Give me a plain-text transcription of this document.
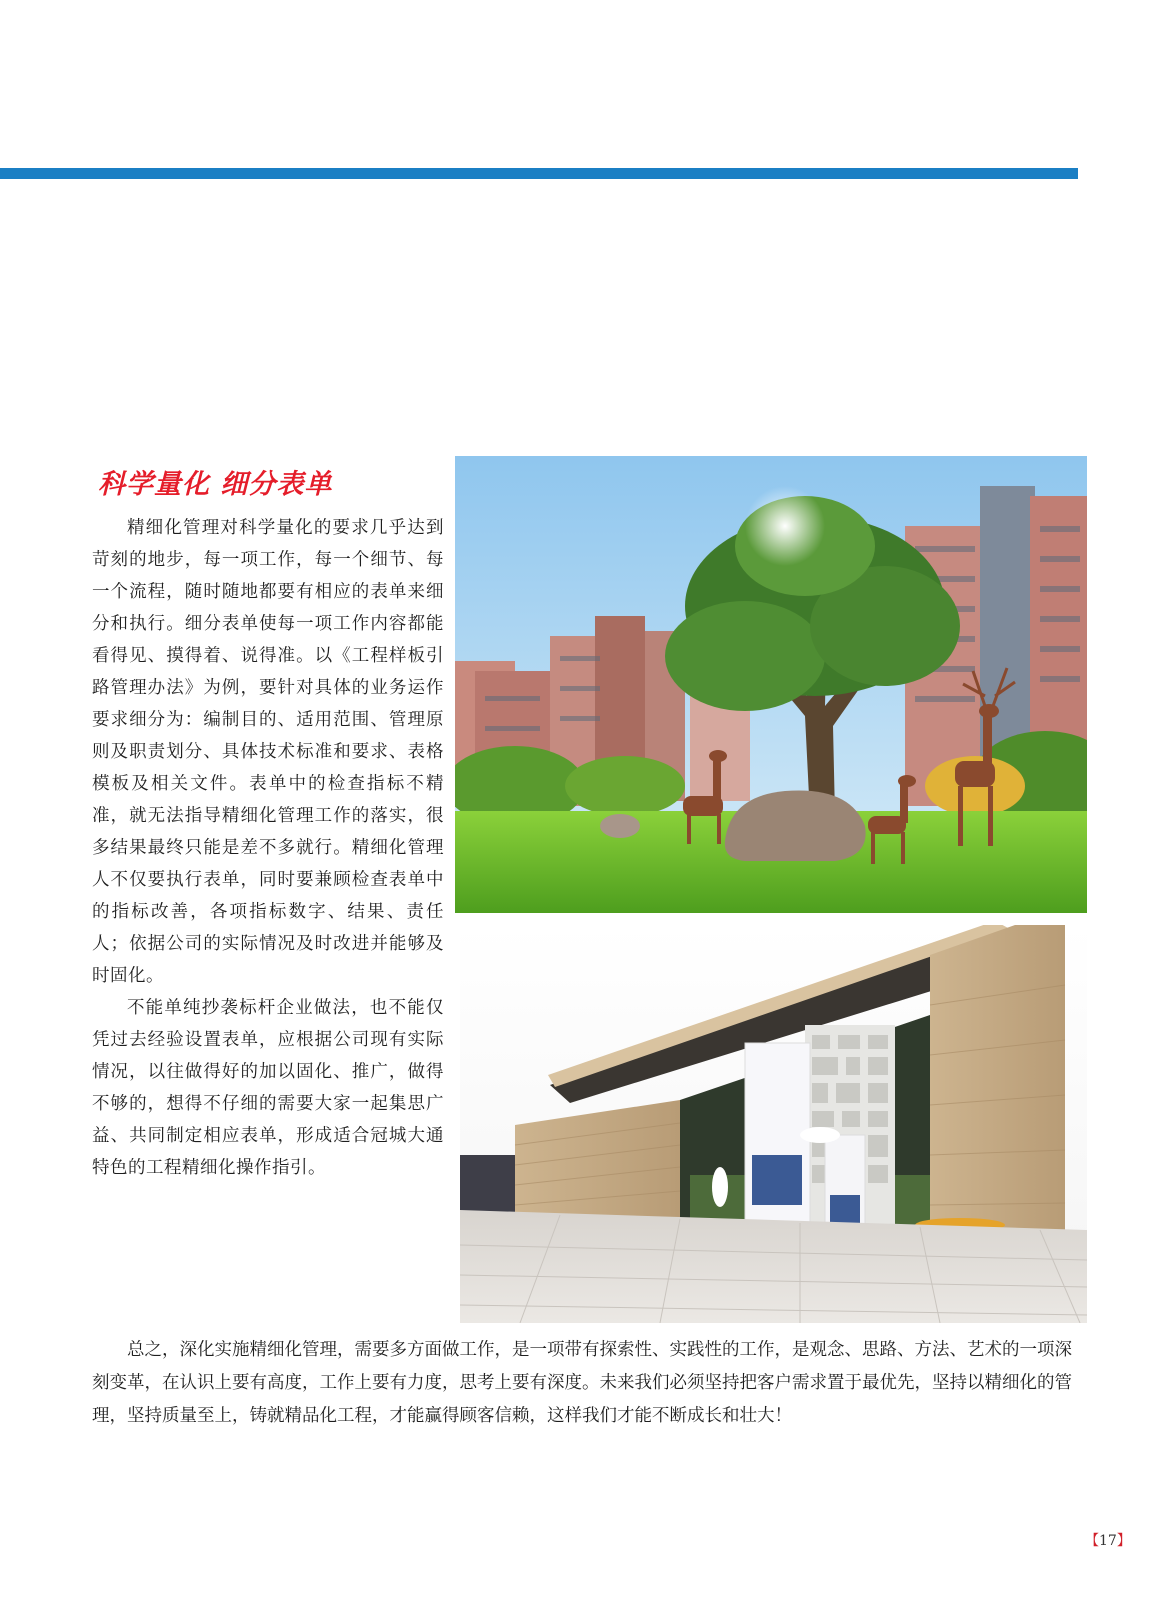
科学量化 细分表单

精细化管理对科学量化的要求几乎达到苛刻的地步，每一项工作，每一个细节、每一个流程，随时随地都要有相应的表单来细分和执行。细分表单使每一项工作内容都能看得见、摸得着、说得准。以《工程样板引路管理办法》为例，要针对具体的业务运作要求细分为：编制目的、适用范围、管理原则及职责划分、具体技术标准和要求、表格模板及相关文件。表单中的检查指标不精准，就无法指导精细化管理工作的落实，很多结果最终只能是差不多就行。精细化管理人不仅要执行表单，同时要兼顾检查表单中的指标改善，各项指标数字、结果、责任人；依据公司的实际情况及时改进并能够及时固化。

不能单纯抄袭标杆企业做法，也不能仅凭过去经验设置表单，应根据公司现有实际情况，以往做得好的加以固化、推广，做得不够的，想得不仔细的需要大家一起集思广益、共同制定相应表单，形成适合冠城大通特色的工程精细化操作指引。

总之，深化实施精细化管理，需要多方面做工作，是一项带有探索性、实践性的工作，是观念、思路、方法、艺术的一项深刻变革，在认识上要有高度，工作上要有力度，思考上要有深度。未来我们必须坚持把客户需求置于最优先，坚持以精细化的管理，坚持质量至上，铸就精品化工程，才能赢得顾客信赖，这样我们才能不断成长和壮大！

【17】
